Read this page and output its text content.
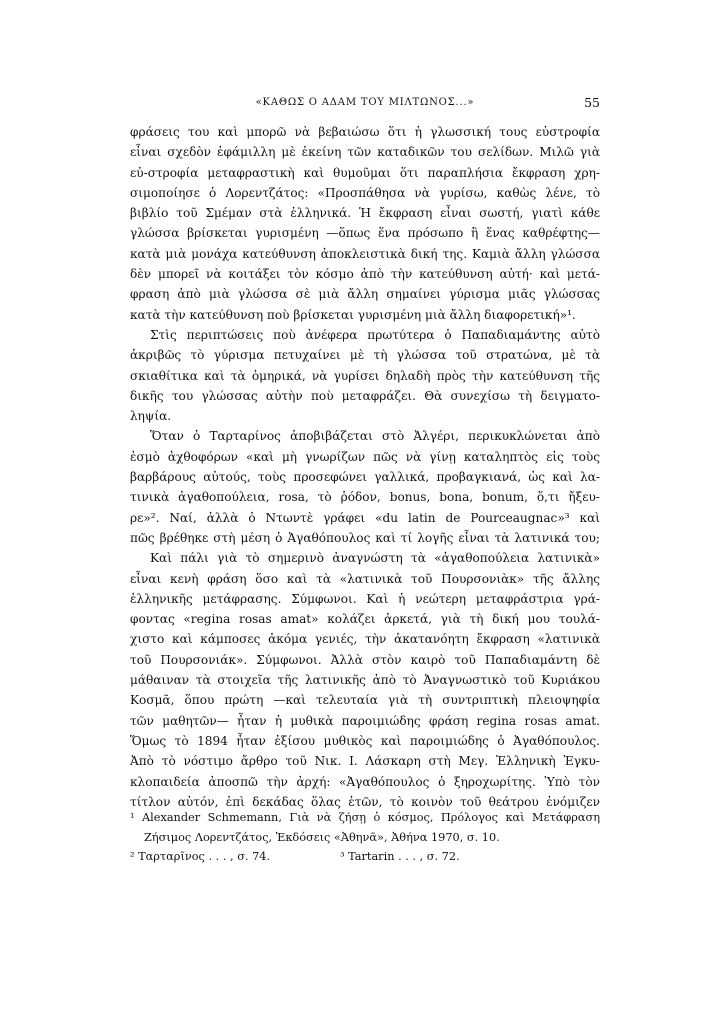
«ΚΑΘΩΣ Ο ΑΔΑΜ ΤΟΥ ΜΙΛΤΩΝΟΣ...»	55
φράσεις του καὶ μπορῶ νὰ βεβαιώσω ὅτι ἡ γλωσσική τους εὐστροφία
εἶναι σχεδὸν ἐφάμιλλη μὲ ἐκείνη τῶν καταδικῶν του σελίδων. Μιλῶ γιὰ
εὐ-στροφία μεταφραστικὴ καὶ θυμοῦμαι ὅτι παραπλήσια ἔκφραση χρη-
σιμοποίησε ὁ Λορεντζάτος: «Προσπάθησα νὰ γυρίσω, καθὼς λένε, τὸ
βιβλίο τοῦ Σμέμαν στὰ ἑλληνικά. Ἡ ἔκφραση εἶναι σωστή, γιατὶ κάθε
γλώσσα βρίσκεται γυρισμένη —ὅπως ἕνα πρόσωπο ἢ ἕνας καθρέφτης—
κατὰ μιὰ μονάχα κατεύθυνση ἀποκλειστικὰ δική της. Καμιὰ ἄλλη γλώσσα
δὲν μπορεῖ νὰ κοιτάξει τὸν κόσμο ἀπὸ τὴν κατεύθυνση αὐτή· καὶ μετά-
φραση ἀπὸ μιὰ γλώσσα σὲ μιὰ ἄλλη σημαίνει γύρισμα μιᾶς γλώσσας
κατὰ τὴν κατεύθυνση ποὺ βρίσκεται γυρισμένη μιὰ ἄλλη διαφορετική»¹.
Στὶς περιπτώσεις ποὺ ἀνέφερα πρωτύτερα ὁ Παπαδιαμάντης αὐτὸ
ἀκριβῶς τὸ γύρισμα πετυχαίνει μὲ τὴ γλώσσα τοῦ στρατώνα, μὲ τὰ
σκιαθίτικα καὶ τὰ ὁμηρικά, νὰ γυρίσει δηλαδὴ πρὸς τὴν κατεύθυνση τῆς
δικῆς του γλώσσας αὐτὴν ποὺ μεταφράζει. Θὰ συνεχίσω τὴ δειγματο-
ληψία.
Ὅταν ὁ Ταρταρίνος ἀποβιβάζεται στὸ Ἀλγέρι, περικυκλώνεται ἀπὸ
ἐσμὸ ἀχθοφόρων «καὶ μὴ γνωρίζων πῶς νὰ γίνῃ καταληπτὸς εἰς τοὺς
βαρβάρους αὐτούς, τοὺς προσεφώνει γαλλικά, προβαγκιανά, ὡς καὶ λα-
τινικὰ ἀγαθοπούλεια, rosa, τὸ ῥόδον, bonus, bona, bonum, ὅ,τι ἤξευ-
ρε»². Ναί, ἀλλὰ ὁ Ντωντὲ γράφει «du latin de Pourceaugnac»³ καὶ
πῶς βρέθηκε στὴ μέση ὁ Ἀγαθόπουλος καὶ τί λογῆς εἶναι τὰ λατινικά του;
Καὶ πάλι γιὰ τὸ σημερινὸ ἀναγνώστη τὰ «ἀγαθοπούλεια λατινικὰ»
εἶναι κενὴ φράση ὅσο καὶ τὰ «λατινικὰ τοῦ Πουρσονιὰκ» τῆς ἄλλης
ἑλληνικῆς μετάφρασης. Σύμφωνοι. Καὶ ἡ νεώτερη μεταφράστρια γρά-
φοντας «regina rosas amat» κολάζει ἀρκετά, γιὰ τὴ δική μου τουλά-
χιστο καὶ κάμποσες ἀκόμα γενιές, τὴν ἀκατανόητη ἔκφραση «λατινικὰ
τοῦ Πουρσονιάκ». Σύμφωνοι. Ἀλλὰ στὸν καιρὸ τοῦ Παπαδιαμάντη δὲ
μάθαιναν τὰ στοιχεῖα τῆς λατινικῆς ἀπὸ τὸ Ἀναγνωστικὸ τοῦ Κυριάκου
Κοσμᾶ, ὅπου πρώτη —καὶ τελευταία γιὰ τὴ συντριπτικὴ πλειοψηφία
τῶν μαθητῶν— ἦταν ἡ μυθικὰ παροιμιώδης φράση regina rosas amat.
Ὅμως τὸ 1894 ἦταν ἐξίσου μυθικὸς καὶ παροιμιώδης ὁ Ἀγαθόπουλος.
Ἀπὸ τὸ νόστιμο ἄρθρο τοῦ Νικ. Ι. Λάσκαρη στὴ Μεγ. Ἑλληνικὴ Ἐγκυ-
κλοπαιδεία ἀποσπῶ τὴν ἀρχή: «Ἀγαθόπουλος ὁ ξηροχωρίτης. Ὑπὸ τὸν
τίτλον αὐτόν, ἐπὶ δεκάδας ὅλας ἐτῶν, τὸ κοινὸν τοῦ θεάτρου ἐνόμιζεν
¹ Alexander Schmemann, Γιὰ νὰ ζήσῃ ὁ κόσμος, Πρόλογος καὶ Μετάφραση
Ζήσιμος Λορεντζάτος, Ἐκδόσεις «Ἀθηνᾶ», Ἀθήνα 1970, σ. 10.
² Ταρταρῖνος . . . , σ. 74.	³ Tartarin . . . , σ. 72.
